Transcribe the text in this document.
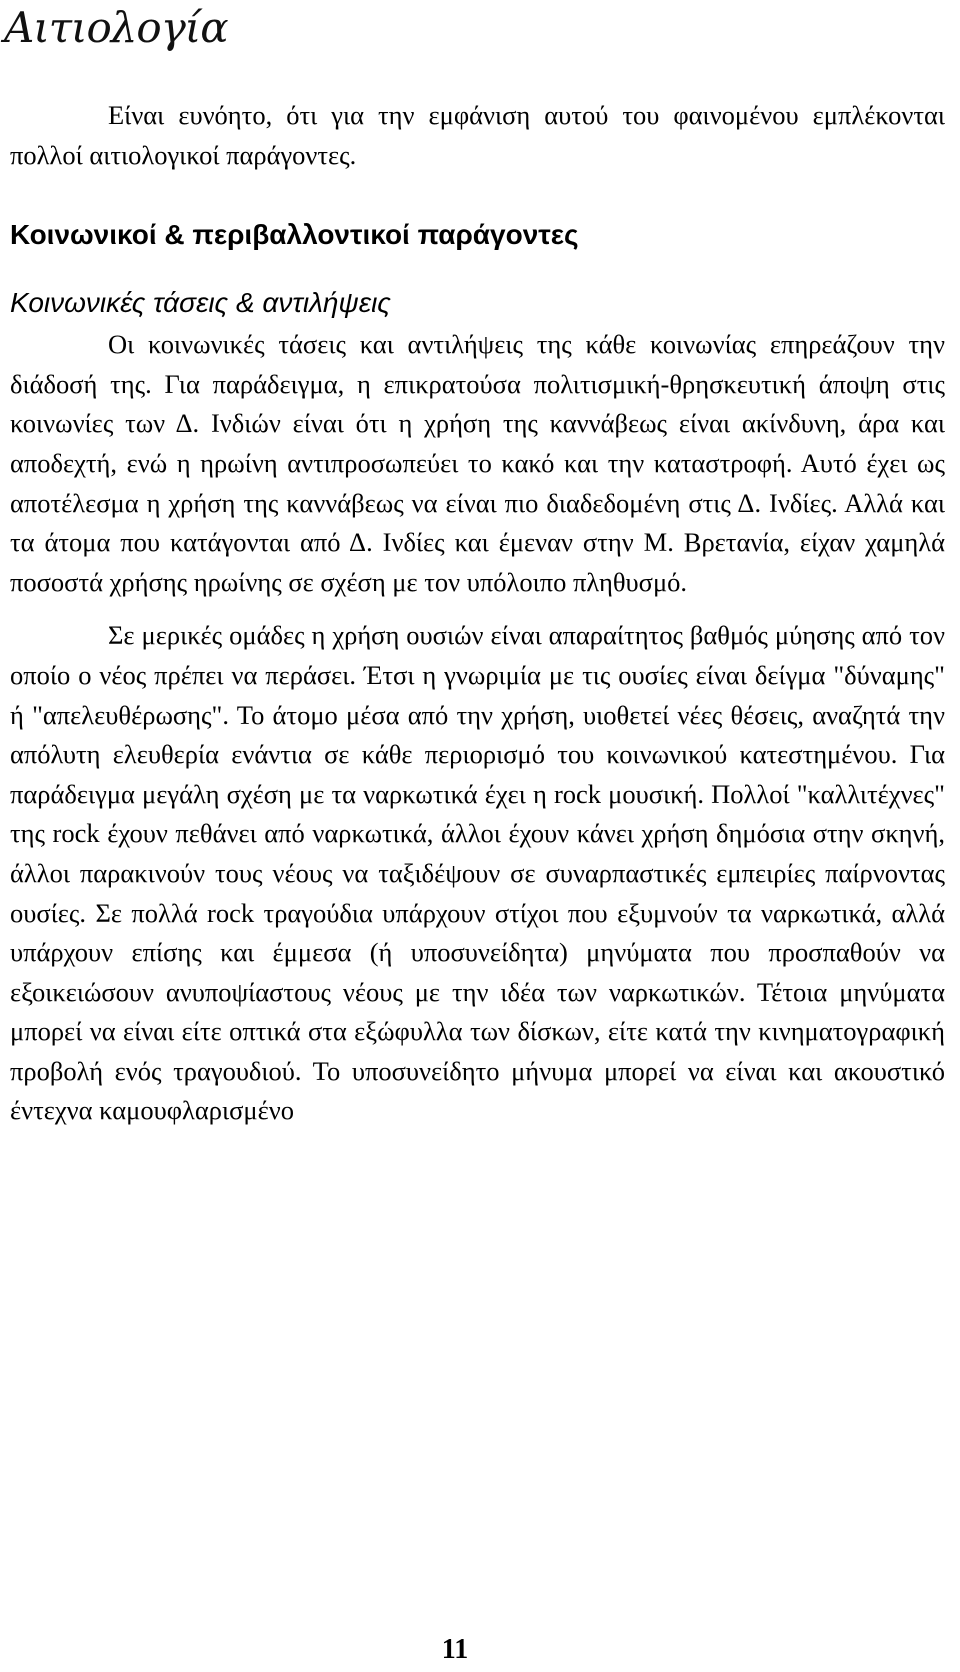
Αιτιολογία

Είναι ευνόητο, ότι για την εμφάνιση αυτού του φαινομένου εμπλέκονται πολλοί αιτιολογικοί παράγοντες.

Κοινωνικοί & περιβαλλοντικοί παράγοντες
Κοινωνικές τάσεις & αντιλήψεις

Οι κοινωνικές τάσεις και αντιλήψεις της κάθε κοινωνίας επηρεάζουν την διάδοσή της. Για παράδειγμα, η επικρατούσα πολιτισμική-θρησκευτική άποψη στις κοινωνίες των Δ. Ινδιών είναι ότι η χρήση της καννάβεως είναι ακίνδυνη, άρα και αποδεχτή, ενώ η ηρωίνη αντιπροσωπεύει το κακό και την καταστροφή. Αυτό έχει ως αποτέλεσμα η χρήση της καννάβεως να είναι πιο διαδεδομένη στις Δ. Ινδίες. Αλλά και τα άτομα που κατάγονται από Δ. Ινδίες και έμεναν στην Μ. Βρετανία, είχαν χαμηλά ποσοστά χρήσης ηρωίνης σε σχέση με τον υπόλοιπο πληθυσμό.

Σε μερικές ομάδες η χρήση ουσιών είναι απαραίτητος βαθμός μύησης από τον οποίο ο νέος πρέπει να περάσει. Έτσι η γνωριμία με τις ουσίες είναι δείγμα "δύναμης" ή "απελευθέρωσης". Το άτομο μέσα από την χρήση, υιοθετεί νέες θέσεις, αναζητά την απόλυτη ελευθερία ενάντια σε κάθε περιορισμό του κοινωνικού κατεστημένου. Για παράδειγμα μεγάλη σχέση με τα ναρκωτικά έχει η rock μουσική. Πολλοί "καλλιτέχνες" της rock έχουν πεθάνει από ναρκωτικά, άλλοι έχουν κάνει χρήση δημόσια στην σκηνή, άλλοι παρακινούν τους νέους να ταξιδέψουν σε συναρπαστικές εμπειρίες παίρνοντας ουσίες. Σε πολλά rock τραγούδια υπάρχουν στίχοι που εξυμνούν τα ναρκωτικά, αλλά υπάρχουν επίσης και έμμεσα (ή υποσυνείδητα) μηνύματα που προσπαθούν να εξοικειώσουν ανυποψίαστους νέους με την ιδέα των ναρκωτικών. Τέτοια μηνύματα μπορεί να είναι είτε οπτικά στα εξώφυλλα των δίσκων, είτε κατά την κινηματογραφική προβολή ενός τραγουδιού. Το υποσυνείδητο μήνυμα μπορεί να είναι και ακουστικό έντεχνα καμουφλαρισμένο

11
